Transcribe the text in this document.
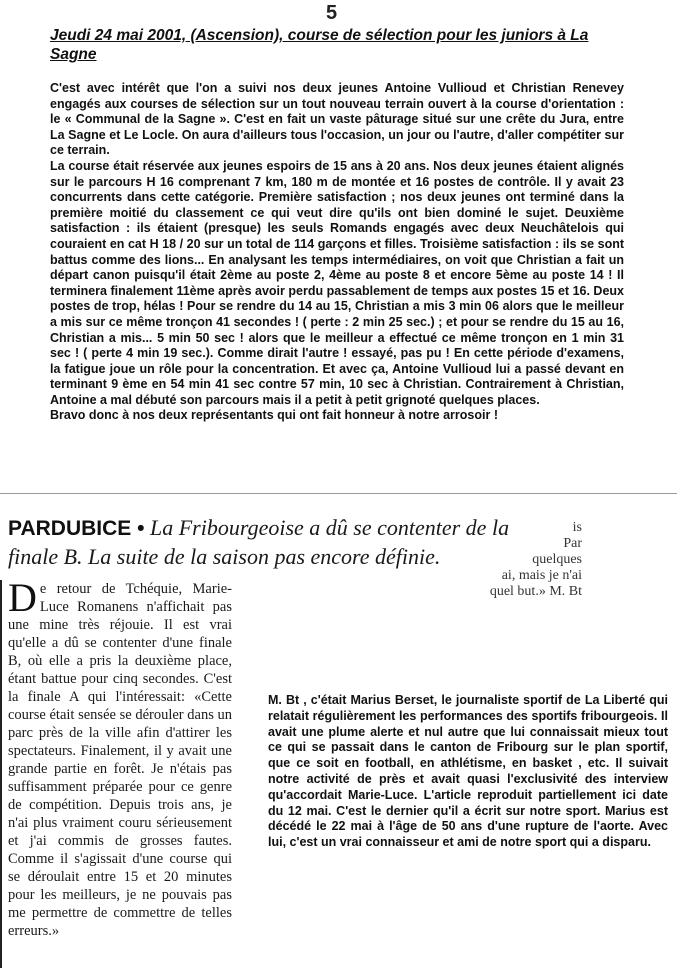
5
Jeudi 24 mai 2001, (Ascension), course de sélection pour les juniors à La Sagne

C'est avec intérêt que l'on a suivi nos deux jeunes Antoine Vullioud et Christian Renevey engagés aux courses de sélection sur un tout nouveau terrain ouvert à la course d'orientation : le « Communal de la Sagne ». C'est en fait un vaste pâturage situé sur une crête du Jura, entre La Sagne et Le Locle. On aura d'ailleurs tous l'occasion, un jour ou l'autre, d'aller compétiter sur ce terrain.

La course était réservée aux jeunes espoirs de 15 ans à 20 ans. Nos deux jeunes étaient alignés sur le parcours H 16 comprenant 7 km, 180 m de montée et 16 postes de contrôle. Il y avait 23 concurrents dans cette catégorie. Première satisfaction ; nos deux jeunes ont terminé dans la première moitié du classement ce qui veut dire qu'ils ont bien dominé le sujet. Deuxième satisfaction : ils étaient (presque) les seuls Romands engagés avec deux Neuchâtelois qui couraient en cat H 18 / 20 sur un total de 114 garçons et filles. Troisième satisfaction : ils se sont battus comme des lions... En analysant les temps intermédiaires, on voit que Christian a fait un départ canon puisqu'il était 2ème au poste 2, 4ème au poste 8 et encore 5ème au poste 14 ! Il terminera finalement 11ème après avoir perdu passablement de temps aux postes 15 et 16. Deux postes de trop, hélas ! Pour se rendre du 14 au 15, Christian a mis 3 min 06 alors que le meilleur a mis sur ce même tronçon 41 secondes ! ( perte : 2 min 25 sec.) ; et pour se rendre du 15 au 16, Christian a mis... 5 min 50 sec ! alors que le meilleur a effectué ce même tronçon en 1 min 31 sec ! ( perte 4 min 19 sec.). Comme dirait l'autre ! essayé, pas pu ! En cette période d'examens, la fatigue joue un rôle pour la concentration. Et avec ça, Antoine Vullioud lui a passé devant en terminant 9 ème en 54 min 41 sec contre 57 min, 10 sec à Christian. Contrairement à Christian, Antoine a mal débuté son parcours mais il a petit à petit grignoté quelques places.

Bravo donc à nos deux représentants qui ont fait honneur à notre arrosoir !

PARDUBICE • La Fribourgeoise a dû se contenter de la finale B. La suite de la saison pas encore définie.
is
Par
quelques
ai, mais je n'ai
quel but.» M. Bt
De retour de Tchéquie, Marie-Luce Romanens n'affichait pas une mine très réjouie. Il est vrai qu'elle a dû se contenter d'une finale B, où elle a pris la deuxième place, étant battue pour cinq secondes. C'est la finale A qui l'intéressait: «Cette course était sensée se dérouler dans un parc près de la ville afin d'attirer les spectateurs. Finalement, il y avait une grande partie en forêt. Je n'étais pas suffisamment préparée pour ce genre de compétition. Depuis trois ans, je n'ai plus vraiment couru sérieusement et j'ai commis de grosses fautes. Comme il s'agissait d'une course qui se déroulait entre 15 et 20 minutes pour les meilleurs, je ne pouvais pas me permettre de commettre de telles erreurs.»
M. Bt , c'était Marius Berset, le journaliste sportif de La Liberté qui relatait régulièrement les performances des sportifs fribourgeois. Il avait une plume alerte et nul autre que lui connaissait mieux tout ce qui se passait dans le canton de Fribourg sur le plan sportif, que ce soit en football, en athlétisme, en basket , etc. Il suivait notre activité de près et avait quasi l'exclusivité des interview qu'accordait Marie-Luce. L'article reproduit partiellement ici date du 12 mai. C'est le dernier qu'il a écrit sur notre sport. Marius est décédé le 22 mai à l'âge de 50 ans d'une rupture de l'aorte. Avec lui, c'est un vrai connaisseur et ami de notre sport qui a disparu.
